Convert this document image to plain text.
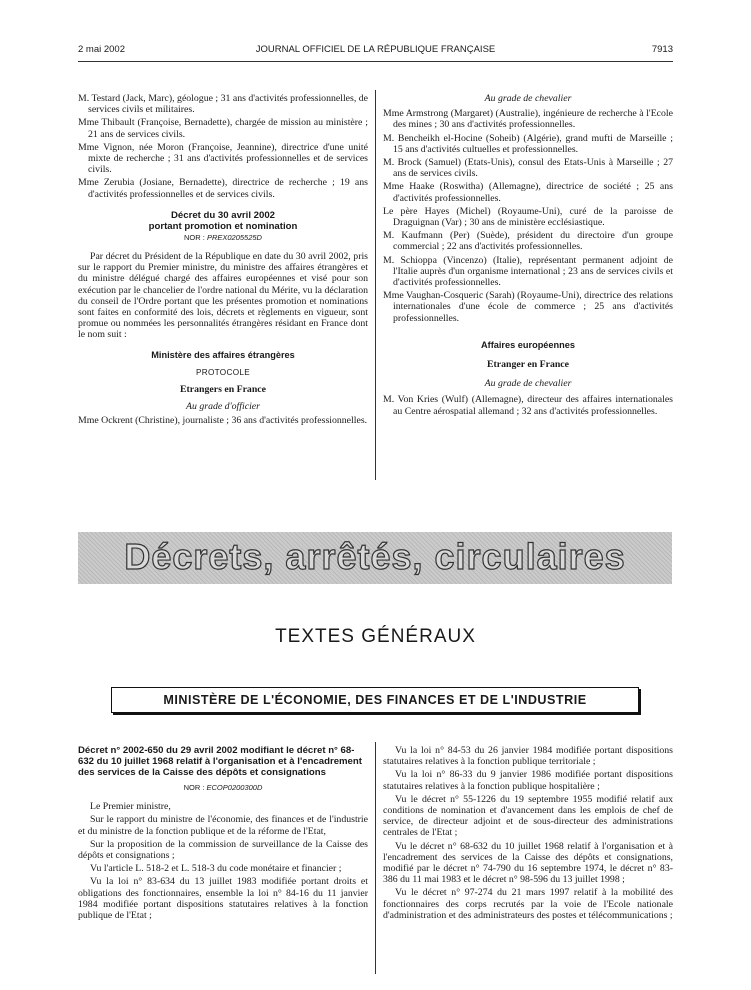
2 mai 2002	JOURNAL OFFICIEL DE LA RÉPUBLIQUE FRANÇAISE	7913

M. Testard (Jack, Marc), géologue ; 31 ans d'activités professionnelles, de services civils et militaires.

Mme Thibault (Françoise, Bernadette), chargée de mission au ministère ; 21 ans de services civils.

Mme Vignon, née Moron (Françoise, Jeannine), directrice d'une unité mixte de recherche ; 31 ans d'activités professionnelles et de services civils.

Mme Zerubia (Josiane, Bernadette), directrice de recherche ; 19 ans d'activités professionnelles et de services civils.

Décret du 30 avril 2002
portant promotion et nomination
NOR : PREX0205525D

Par décret du Président de la République en date du 30 avril 2002, pris sur le rapport du Premier ministre, du ministre des affaires étrangères et du ministre délégué chargé des affaires européennes et visé pour son exécution par le chancelier de l'ordre national du Mérite, vu la déclaration du conseil de l'Ordre portant que les présentes promotion et nominations sont faites en conformité des lois, décrets et règlements en vigueur, sont promue ou nommées les personnalités étrangères résidant en France dont le nom suit :

Ministère des affaires étrangères
PROTOCOLE
Etrangers en France
Au grade d'officier

Mme Ockrent (Christine), journaliste ; 36 ans d'activités professionnelles.

Au grade de chevalier

Mme Armstrong (Margaret) (Australie), ingénieure de recherche à l'Ecole des mines ; 30 ans d'activités professionnelles.

M. Bencheikh el-Hocine (Soheib) (Algérie), grand mufti de Marseille ; 15 ans d'activités cultuelles et professionnelles.

M. Brock (Samuel) (Etats-Unis), consul des Etats-Unis à Marseille ; 27 ans de services civils.

Mme Haake (Roswitha) (Allemagne), directrice de société ; 25 ans d'activités professionnelles.

Le père Hayes (Michel) (Royaume-Uni), curé de la paroisse de Draguignan (Var) ; 30 ans de ministère ecclésiastique.

M. Kaufmann (Per) (Suède), président du directoire d'un groupe commercial ; 22 ans d'activités professionnelles.

M. Schioppa (Vincenzo) (Italie), représentant permanent adjoint de l'Italie auprès d'un organisme international ; 23 ans de services civils et d'activités professionnelles.

Mme Vaughan-Cosqueric (Sarah) (Royaume-Uni), directrice des relations internationales d'une école de commerce ; 25 ans d'activités professionnelles.

Affaires européennes
Etranger en France
Au grade de chevalier

M. Von Kries (Wulf) (Allemagne), directeur des affaires internationales au Centre aérospatial allemand ; 32 ans d'activités professionnelles.

Décrets, arrêtés, circulaires
TEXTES GÉNÉRAUX
MINISTÈRE DE L'ÉCONOMIE, DES FINANCES ET DE L'INDUSTRIE
Décret n° 2002-650 du 29 avril 2002 modifiant le décret n° 68-632 du 10 juillet 1968 relatif à l'organisation et à l'encadrement des services de la Caisse des dépôts et consignations
NOR : ECOP0200300D

Le Premier ministre,

Sur le rapport du ministre de l'économie, des finances et de l'industrie et du ministre de la fonction publique et de la réforme de l'Etat,

Sur la proposition de la commission de surveillance de la Caisse des dépôts et consignations ;

Vu l'article L. 518-2 et L. 518-3 du code monétaire et financier ;

Vu la loi n° 83-634 du 13 juillet 1983 modifiée portant droits et obligations des fonctionnaires, ensemble la loi n° 84-16 du 11 janvier 1984 modifiée portant dispositions statutaires relatives à la fonction publique de l'Etat ;

Vu la loi n° 84-53 du 26 janvier 1984 modifiée portant dispositions statutaires relatives à la fonction publique territoriale ;

Vu la loi n° 86-33 du 9 janvier 1986 modifiée portant dispositions statutaires relatives à la fonction publique hospitalière ;

Vu le décret n° 55-1226 du 19 septembre 1955 modifié relatif aux conditions de nomination et d'avancement dans les emplois de chef de service, de directeur adjoint et de sous-directeur des administrations centrales de l'Etat ;

Vu le décret n° 68-632 du 10 juillet 1968 relatif à l'organisation et à l'encadrement des services de la Caisse des dépôts et consignations, modifié par le décret n° 74-790 du 16 septembre 1974, le décret n° 83-386 du 11 mai 1983 et le décret n° 98-596 du 13 juillet 1998 ;

Vu le décret n° 97-274 du 21 mars 1997 relatif à la mobilité des fonctionnaires des corps recrutés par la voie de l'Ecole nationale d'administration et des administrateurs des postes et télécommunications ;
